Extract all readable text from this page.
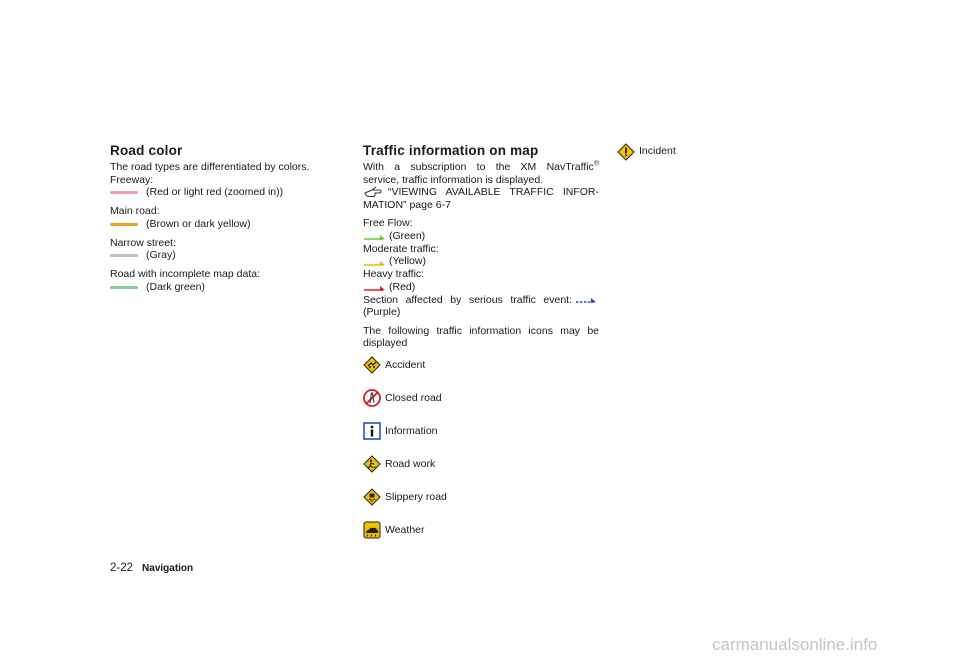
Road color

The road types are differentiated by colors.

Freeway:

(Red or light red (zoomed in))

Main road:

(Brown or dark yellow)

Narrow street:

(Gray)

Road with incomplete map data:

(Dark green)
Traffic information on map

With a subscription to the XM NavTraffic®

service, traffic information is displayed.

“VIEWING AVAILABLE TRAFFIC INFOR-

MATION” page 6-7

Free Flow:

(Green)

Moderate traffic:

(Yellow)

Heavy traffic:

(Red)

Section affected by serious traffic event:

(Purple)

The following traffic information icons may be

displayed

Accident
Closed road
Information
Road work
Slippery road
Weather
Incident
2-22 Navigation
carmanualsonline.info
